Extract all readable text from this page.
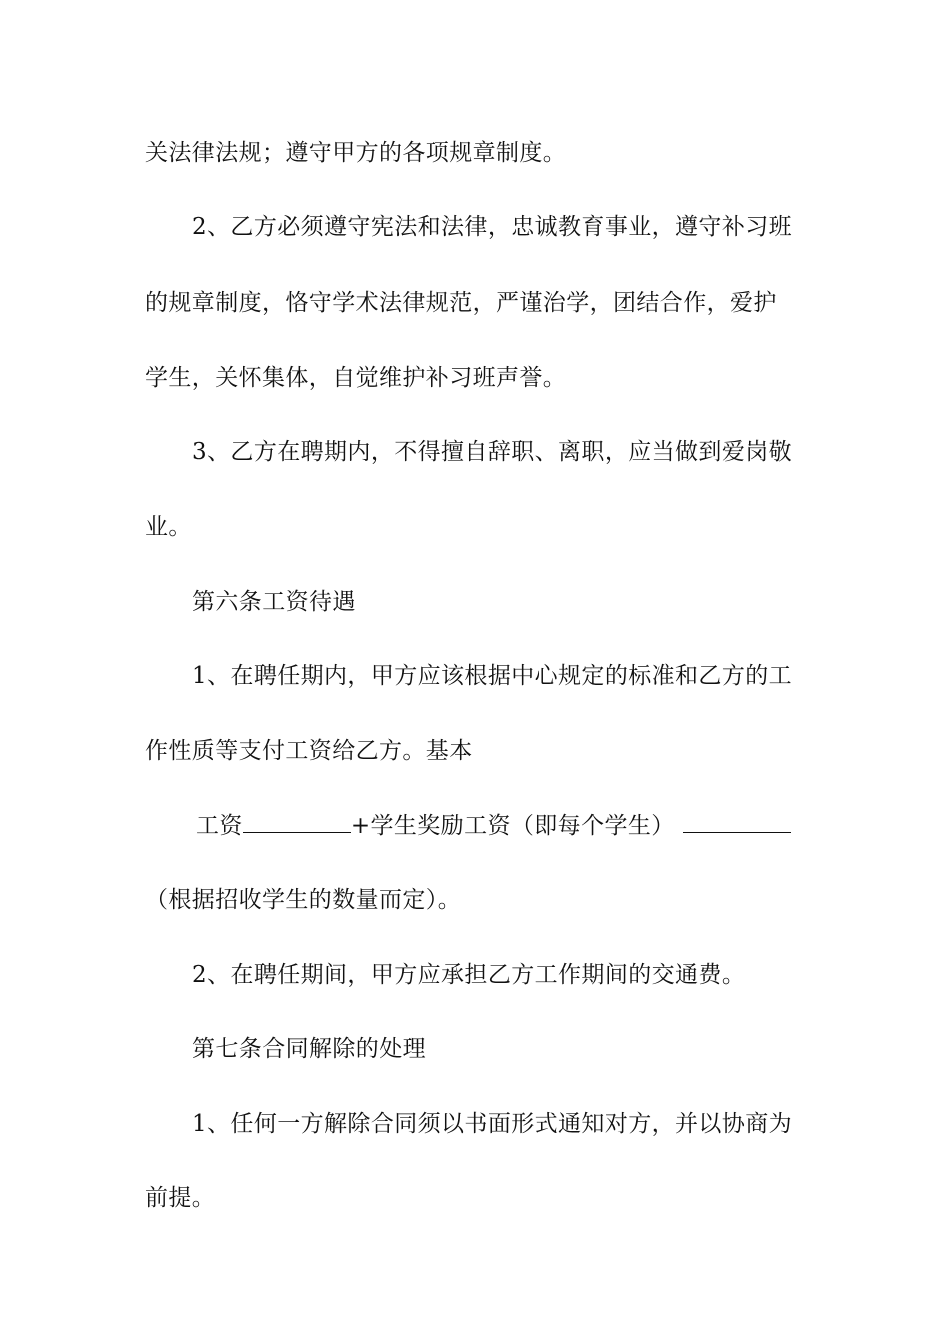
关法律法规；遵守甲方的各项规章制度。
2、乙方必须遵守宪法和法律，忠诚教育事业，遵守补习班
的规章制度，恪守学术法律规范，严谨治学，团结合作，爱护
学生，关怀集体，自觉维护补习班声誉。
3、乙方在聘期内，不得擅自辞职、离职，应当做到爱岗敬
业。
第六条工资待遇
1、在聘任期内，甲方应该根据中心规定的标准和乙方的工
作性质等支付工资给乙方。基本
工资	+学生奖励工资（即每个学生）
（根据招收学生的数量而定）。
2、在聘任期间，甲方应承担乙方工作期间的交通费。
第七条合同解除的处理
1、任何一方解除合同须以书面形式通知对方，并以协商为
前提。
